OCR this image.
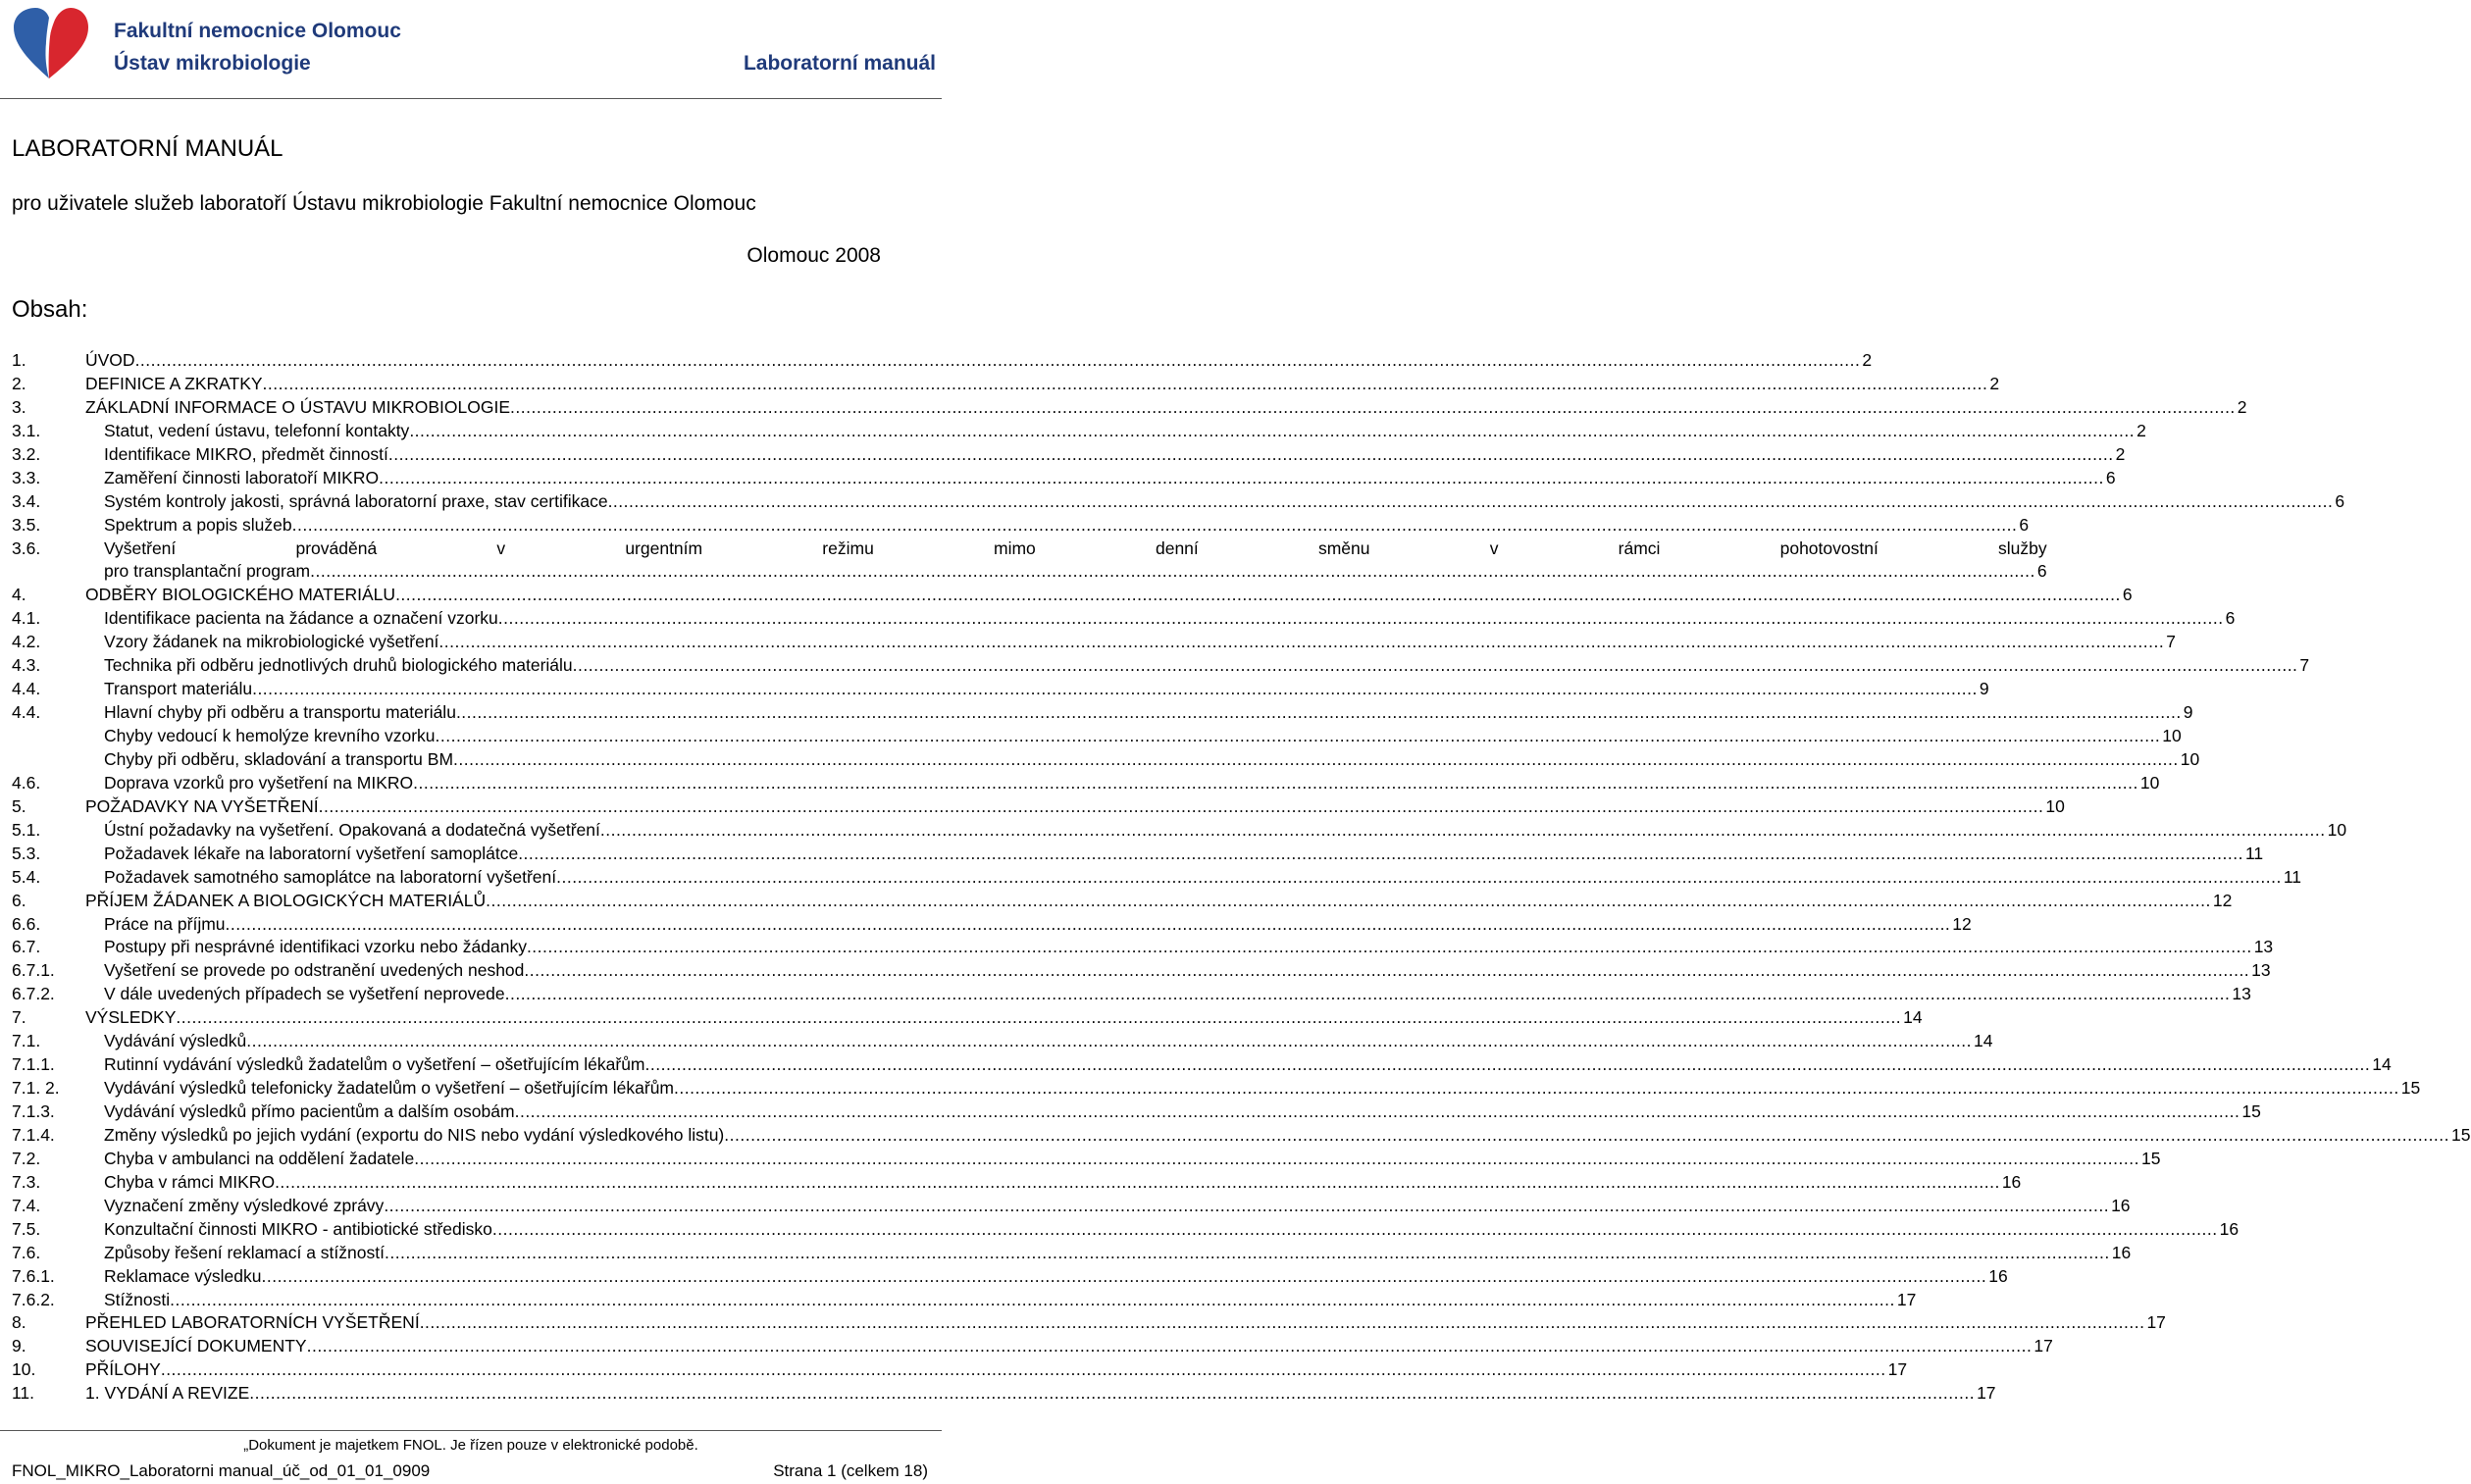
Fakultní nemocnice Olomouc
Ústav mikrobiologie	Laboratorní manuál
LABORATORNÍ MANUÁL
pro uživatele služeb laboratoří Ústavu mikrobiologie Fakultní nemocnice Olomouc
Olomouc 2008
Obsah:
1.	ÚVOD .....	2
2.	DEFINICE A ZKRATKY .....	2
3.	ZÁKLADNÍ INFORMACE O ÚSTAVU MIKROBIOLOGIE .....	2
3.1.	Statut, vedení ústavu, telefonní kontakty .....	2
3.2.	Identifikace MIKRO, předmět činností .....	2
3.3.	Zaměření činnosti laboratoří MIKRO .....	6
3.4.	Systém kontroly jakosti, správná laboratorní praxe, stav certifikace .....	6
3.5.	Spektrum a popis služeb .....	6
3.6.	Vyšetření prováděná v urgentním režimu mimo denní směnu v rámci pohotovostní služby
pro transplantační program .....	6
4.	ODBĚRY BIOLOGICKÉHO MATERIÁLU .....	6
4.1.	Identifikace pacienta na žádance a označení vzorku .....	6
4.2.	Vzory žádanek na mikrobiologické vyšetření .....	7
4.3.	Technika při odběru jednotlivých druhů biologického materiálu .....	7
4.4.	Transport materiálu .....	9
4.4.	Hlavní chyby při odběru a transportu materiálu .....	9
Chyby vedoucí k hemolýze krevního vzorku .....	10
Chyby při odběru, skladování a transportu BM .....	10
4.6.	Doprava vzorků pro vyšetření na MIKRO .....	10
5.	POŽADAVKY NA VYŠETŘENÍ .....	10
5.1.	Ústní požadavky na vyšetření. Opakovaná a dodatečná vyšetření .....	10
5.3.	Požadavek lékaře na laboratorní vyšetření samoplátce .....	11
5.4.	Požadavek samotného samoplátce na laboratorní vyšetření .....	11
6.	PŘÍJEM ŽÁDANEK A BIOLOGICKÝCH MATERIÁLŮ .....	12
6.6.	Práce na příjmu .....	12
6.7.	Postupy při nesprávné identifikaci vzorku nebo žádanky .....	13
6.7.1.	Vyšetření se provede po odstranění uvedených neshod .....	13
6.7.2.	V dále uvedených případech se vyšetření neprovede .....	13
7.	VÝSLEDKY .....	14
7.1.	Vydávání výsledků .....	14
7.1.1.	Rutinní vydávání výsledků žadatelům o vyšetření – ošetřujícím lékařům .....	14
7.1. 2.	Vydávání výsledků telefonicky žadatelům o vyšetření – ošetřujícím lékařům .....	15
7.1.3.	Vydávání výsledků přímo pacientům a dalším osobám .....	15
7.1.4.	Změny výsledků po jejich vydání (exportu do NIS nebo vydání výsledkového listu) .....	15
7.2.	Chyba v ambulanci na oddělení žadatele .....	15
7.3.	Chyba v rámci MIKRO .....	16
7.4.	Vyznačení změny výsledkové zprávy .....	16
7.5.	Konzultační činnosti MIKRO - antibiotické středisko .....	16
7.6.	Způsoby řešení reklamací a stížností .....	16
7.6.1.	Reklamace výsledku .....	16
7.6.2.	Stížnosti .....	17
8.	PŘEHLED LABORATORNÍCH VYŠETŘENÍ .....	17
9.	SOUVISEJÍCÍ DOKUMENTY .....	17
10.	PŘÍLOHY .....	17
11.	1. VYDÁNÍ A REVIZE .....	17
„Dokument je majetkem FNOL. Je řízen pouze v elektronické podobě.
FNOL_MIKRO_Laboratorni manual_úč_od_01_01_0909	Strana 1 (celkem 18)
